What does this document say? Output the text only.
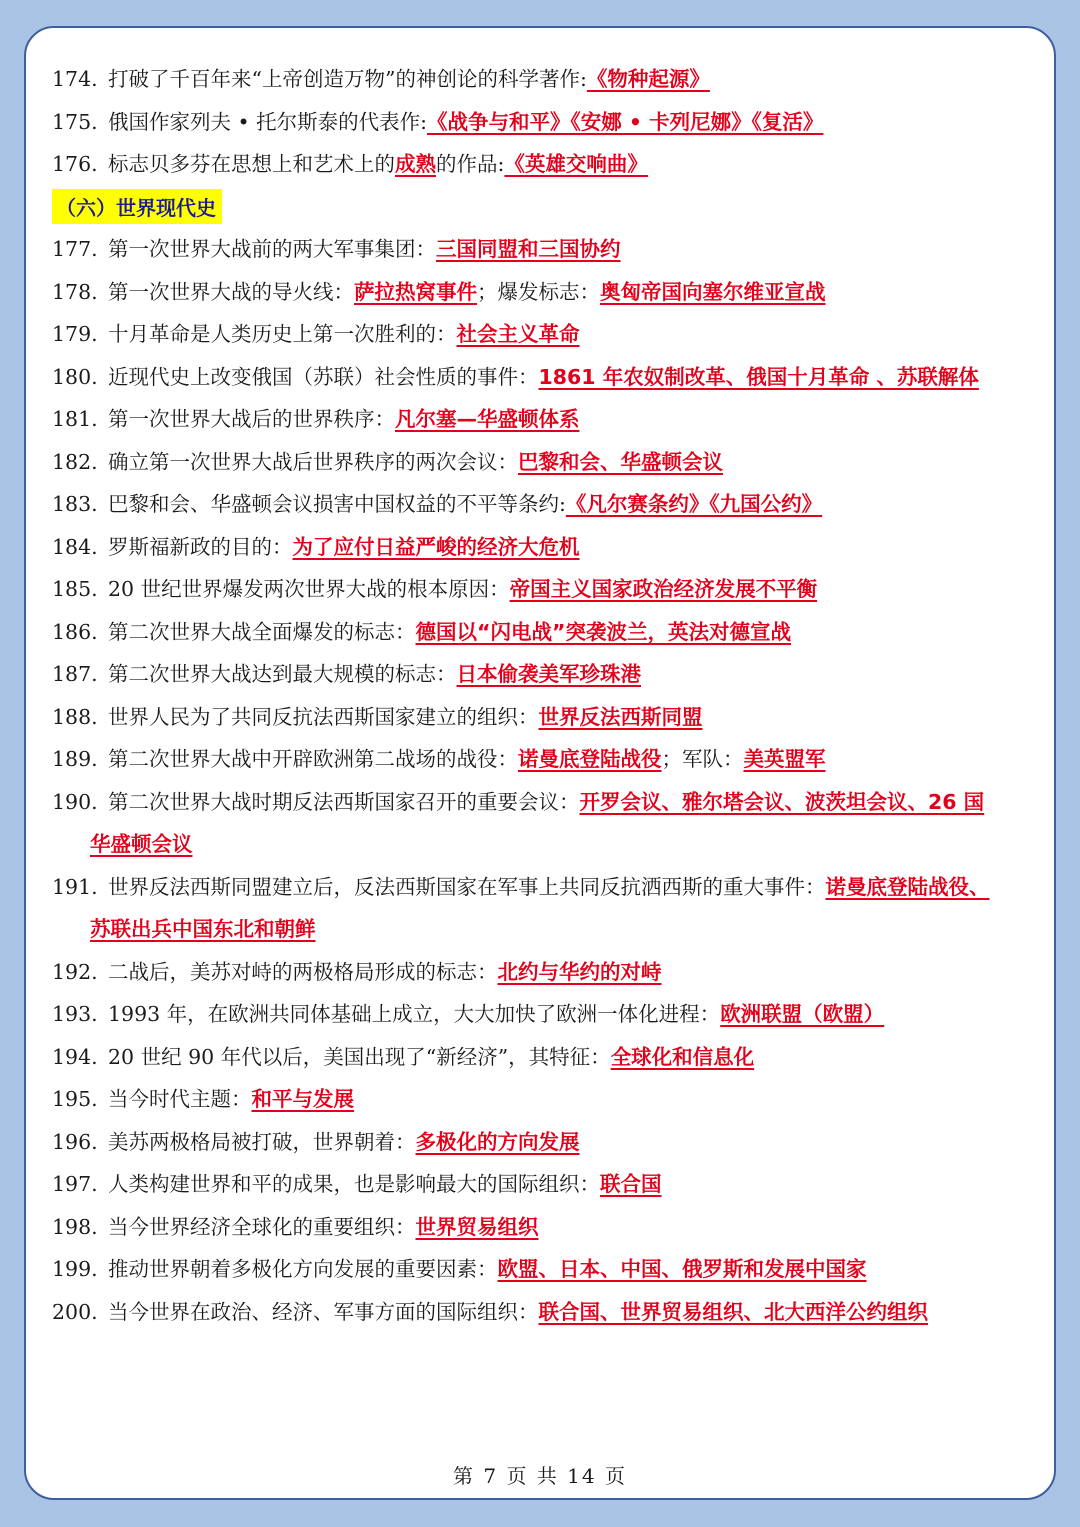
174. 打破了千百年来“上帝创造万物”的神创论的科学著作:《物种起源》
175. 俄国作家列夫 • 托尔斯泰的代表作:《战争与和平》《安娜 • 卡列尼娜》《复活》
176. 标志贝多芬在思想上和艺术上的成熟的作品:《英雄交响曲》
（六）世界现代史
177. 第一次世界大战前的两大军事集团：三国同盟和三国协约
178. 第一次世界大战的导火线：萨拉热窝事件；爆发标志：奥匈帝国向塞尔维亚宣战
179. 十月革命是人类历史上第一次胜利的：社会主义革命
180. 近现代史上改变俄国（苏联）社会性质的事件：1861 年农奴制改革、俄国十月革命 、苏联解体
181. 第一次世界大战后的世界秩序：凡尔塞—华盛顿体系
182. 确立第一次世界大战后世界秩序的两次会议：巴黎和会、华盛顿会议
183. 巴黎和会、华盛顿会议损害中国权益的不平等条约:《凡尔赛条约》《九国公约》
184. 罗斯福新政的目的：为了应付日益严峻的经济大危机
185. 20 世纪世界爆发两次世界大战的根本原因：帝国主义国家政治经济发展不平衡
186. 第二次世界大战全面爆发的标志：德国以“闪电战”突袭波兰，英法对德宣战
187. 第二次世界大战达到最大规模的标志：日本偷袭美军珍珠港
188. 世界人民为了共同反抗法西斯国家建立的组织：世界反法西斯同盟
189. 第二次世界大战中开辟欧洲第二战场的战役：诺曼底登陆战役；军队：美英盟军
190. 第二次世界大战时期反法西斯国家召开的重要会议：开罗会议、雅尔塔会议、波茨坦会议、26 国
华盛顿会议
191. 世界反法西斯同盟建立后，反法西斯国家在军事上共同反抗洒西斯的重大事件：诺曼底登陆战役、
苏联出兵中国东北和朝鲜
192. 二战后，美苏对峙的两极格局形成的标志：北约与华约的对峙
193. 1993 年，在欧洲共同体基础上成立，大大加快了欧洲一体化进程：欧洲联盟（欧盟）
194. 20 世纪 90 年代以后，美国出现了“新经济”，其特征：全球化和信息化
195. 当今时代主题：和平与发展
196. 美苏两极格局被打破，世界朝着：多极化的方向发展
197. 人类构建世界和平的成果，也是影响最大的国际组织：联合国
198. 当今世界经济全球化的重要组织：世界贸易组织
199. 推动世界朝着多极化方向发展的重要因素：欧盟、日本、中国、俄罗斯和发展中国家
200. 当今世界在政治、经济、军事方面的国际组织：联合国、世界贸易组织、北大西洋公约组织
第 7 页 共 14 页
